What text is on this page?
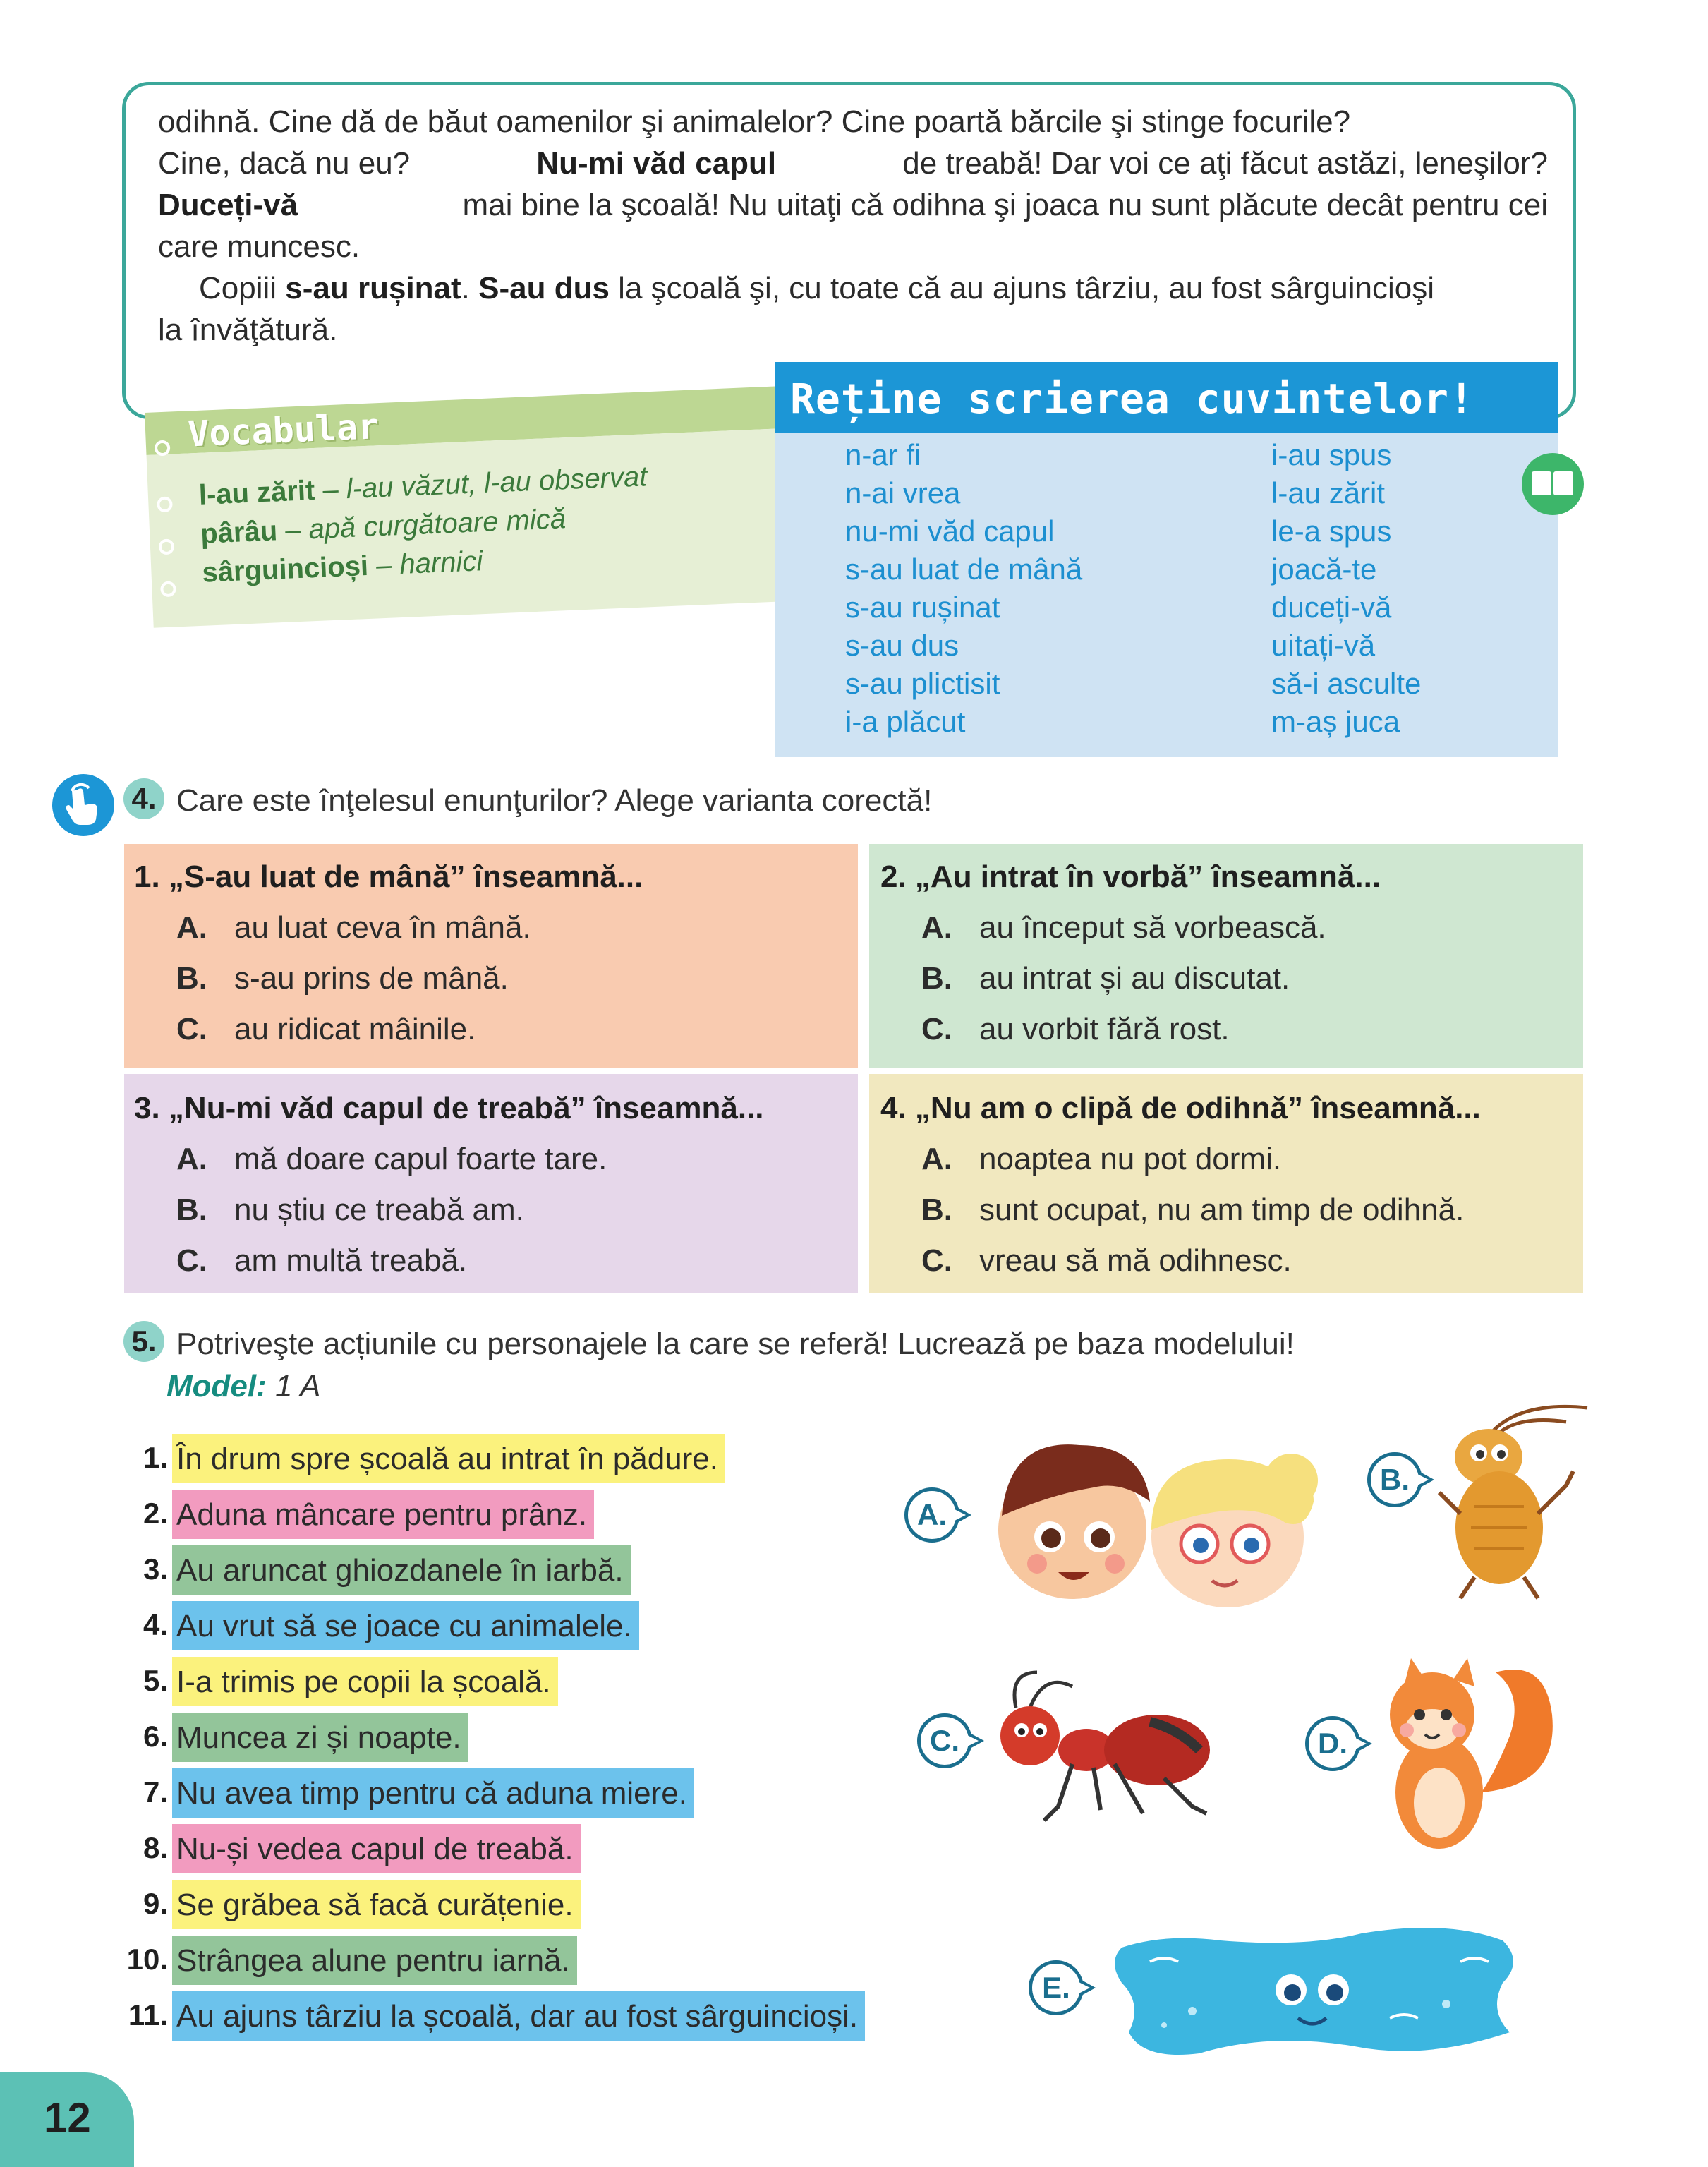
odihnă. Cine dă de băut oamenilor şi animalelor? Cine poartă bărcile şi stinge focurile?
Cine, dacă nu eu?	Nu-mi văd capul	de treabă! Dar voi ce aţi făcut astăzi, leneşilor?
Duceți-vă	mai bine la şcoală! Nu uitaţi că odihna şi joaca nu sunt plăcute decât pentru cei
care muncesc.
Copiii s-au rușinat. S-au dus la şcoală şi, cu toate că au ajuns târziu, au fost sârguincioşi
la învăţătură.
Vocabular
l-au zărit – l-au văzut, l-au observat
pârâu – apă curgătoare mică
sârguincioși – harnici
Reține scrierea cuvintelor!
n-ar fi
n-ai vrea
nu-mi văd capul
s-au luat de mână
s-au rușinat
s-au dus
s-au plictisit
i-a plăcut
i-au spus
l-au zărit
le-a spus
joacă-te
duceți-vă
uitați-vă
să-i asculte
m-aș juca
4. Care este înţelesul enunţurilor? Alege varianta corectă!
1. „S-au luat de mână” înseamnă...
A. au luat ceva în mână.
B. s-au prins de mână.
C. au ridicat mâinile.
2. „Au intrat în vorbă” înseamnă...
A. au început să vorbească.
B. au intrat și au discutat.
C. au vorbit fără rost.
3. „Nu-mi văd capul de treabă” înseamnă...
A. mă doare capul foarte tare.
B. nu știu ce treabă am.
C. am multă treabă.
4. „Nu am o clipă de odihnă” înseamnă...
A. noaptea nu pot dormi.
B. sunt ocupat, nu am timp de odihnă.
C. vreau să mă odihnesc.
5. Potriveşte acțiunile cu personajele la care se referă! Lucrează pe baza modelului!
Model: 1 A
1. În drum spre școală au intrat în pădure.
2. Aduna mâncare pentru prânz.
3. Au aruncat ghiozdanele în iarbă.
4. Au vrut să se joace cu animalele.
5. I-a trimis pe copii la școală.
6. Muncea zi și noapte.
7. Nu avea timp pentru că aduna miere.
8. Nu-și vedea capul de treabă.
9. Se grăbea să facă curățenie.
10. Strângea alune pentru iarnă.
11. Au ajuns târziu la școală, dar au fost sârguincioși.
A.
B.
C.	D.
E.
12
